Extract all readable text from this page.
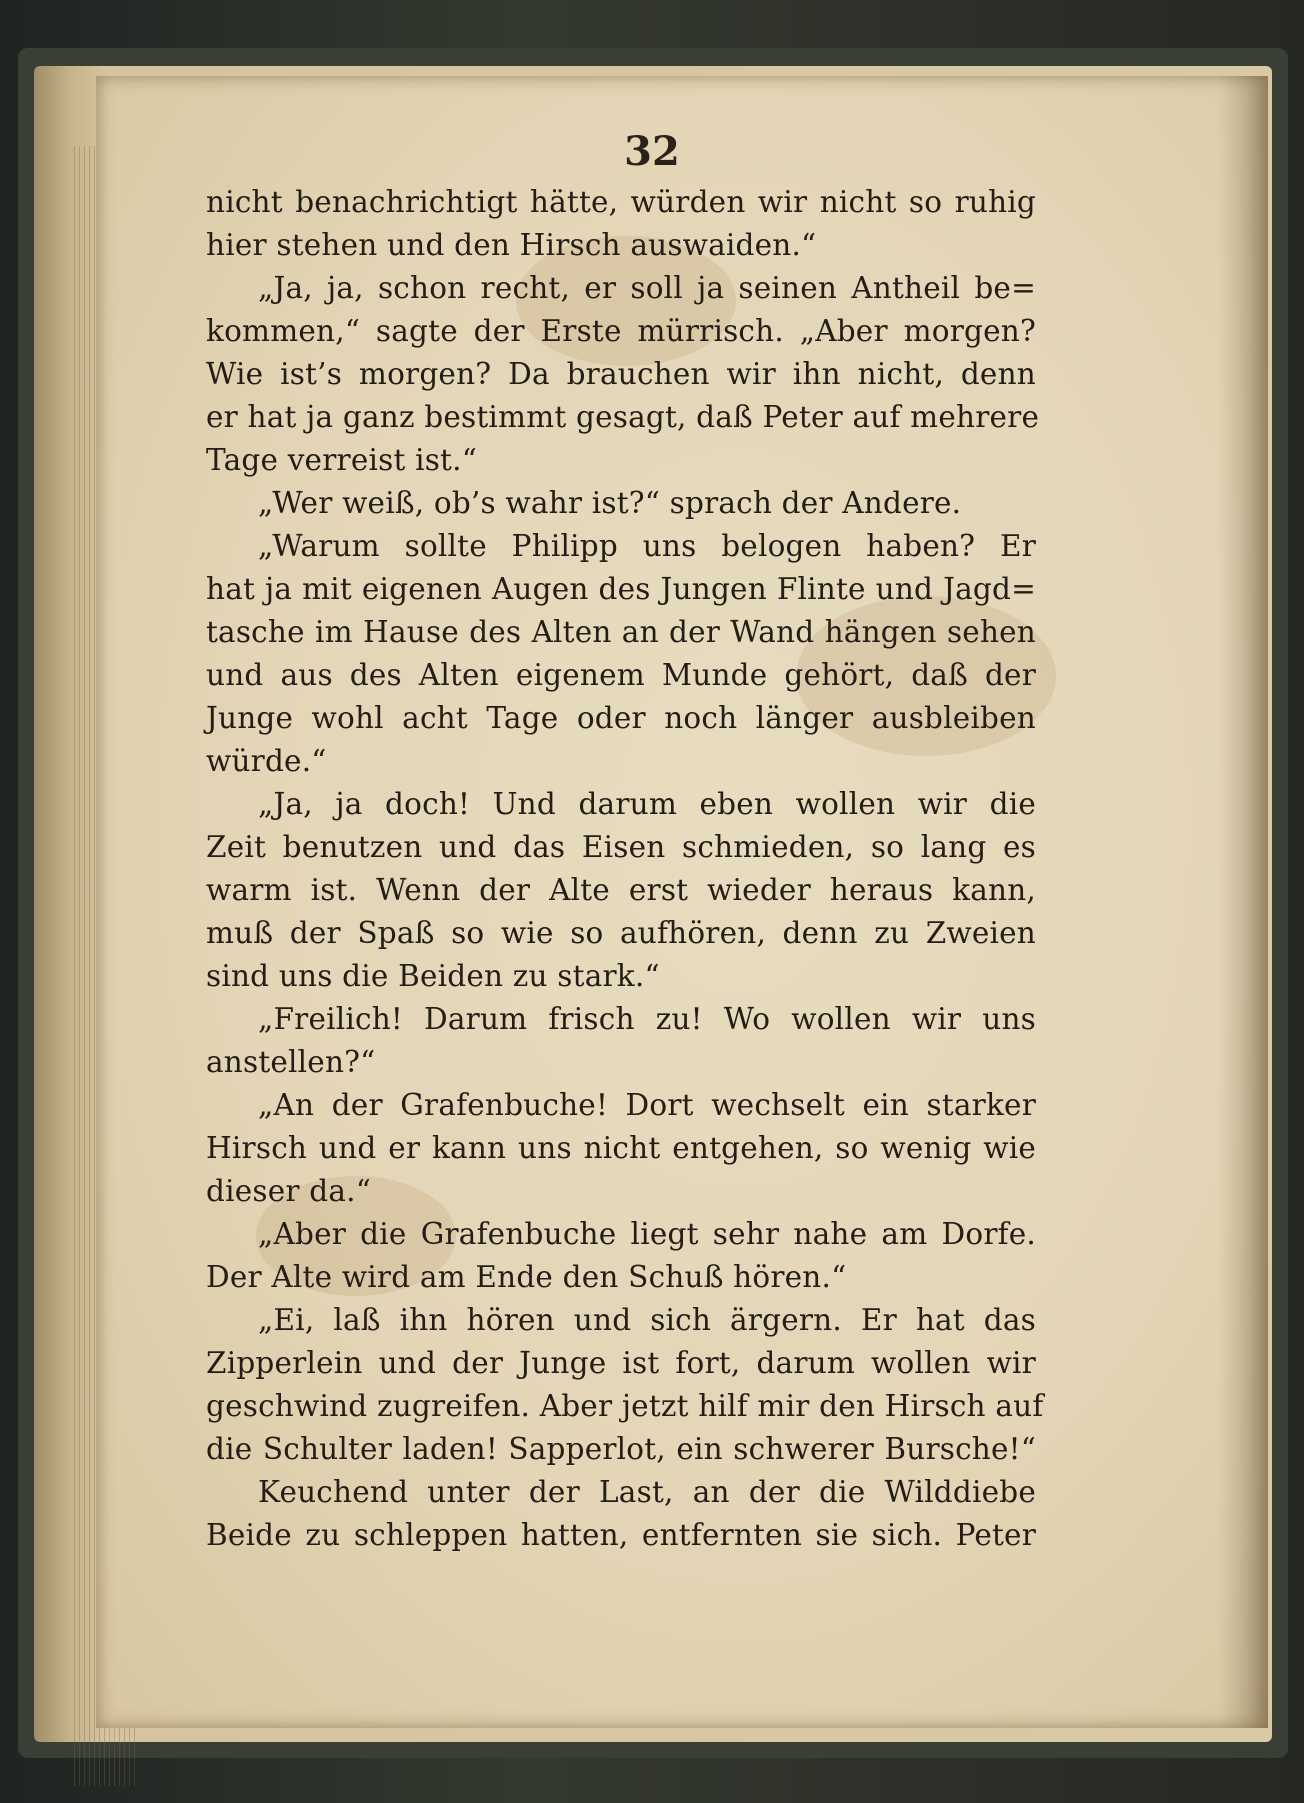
32
nicht benachrichtigt hätte, würden wir nicht so ruhig
hier stehen und den Hirsch auswaiden.“
„Ja, ja, schon recht, er soll ja seinen Antheil be=
kommen,“ sagte der Erste mürrisch. „Aber morgen?
Wie ist’s morgen? Da brauchen wir ihn nicht, denn
er hat ja ganz bestimmt gesagt, daß Peter auf mehrere
Tage verreist ist.“
„Wer weiß, ob’s wahr ist?“ sprach der Andere.
„Warum sollte Philipp uns belogen haben? Er
hat ja mit eigenen Augen des Jungen Flinte und Jagd=
tasche im Hause des Alten an der Wand hängen sehen
und aus des Alten eigenem Munde gehört, daß der
Junge wohl acht Tage oder noch länger ausbleiben
würde.“
„Ja, ja doch! Und darum eben wollen wir die
Zeit benutzen und das Eisen schmieden, so lang es
warm ist. Wenn der Alte erst wieder heraus kann,
muß der Spaß so wie so aufhören, denn zu Zweien
sind uns die Beiden zu stark.“
„Freilich! Darum frisch zu! Wo wollen wir uns
anstellen?“
„An der Grafenbuche! Dort wechselt ein starker
Hirsch und er kann uns nicht entgehen, so wenig wie
dieser da.“
„Aber die Grafenbuche liegt sehr nahe am Dorfe.
Der Alte wird am Ende den Schuß hören.“
„Ei, laß ihn hören und sich ärgern. Er hat das
Zipperlein und der Junge ist fort, darum wollen wir
geschwind zugreifen. Aber jetzt hilf mir den Hirsch auf
die Schulter laden! Sapperlot, ein schwerer Bursche!“
Keuchend unter der Last, an der die Wilddiebe
Beide zu schleppen hatten, entfernten sie sich. Peter
